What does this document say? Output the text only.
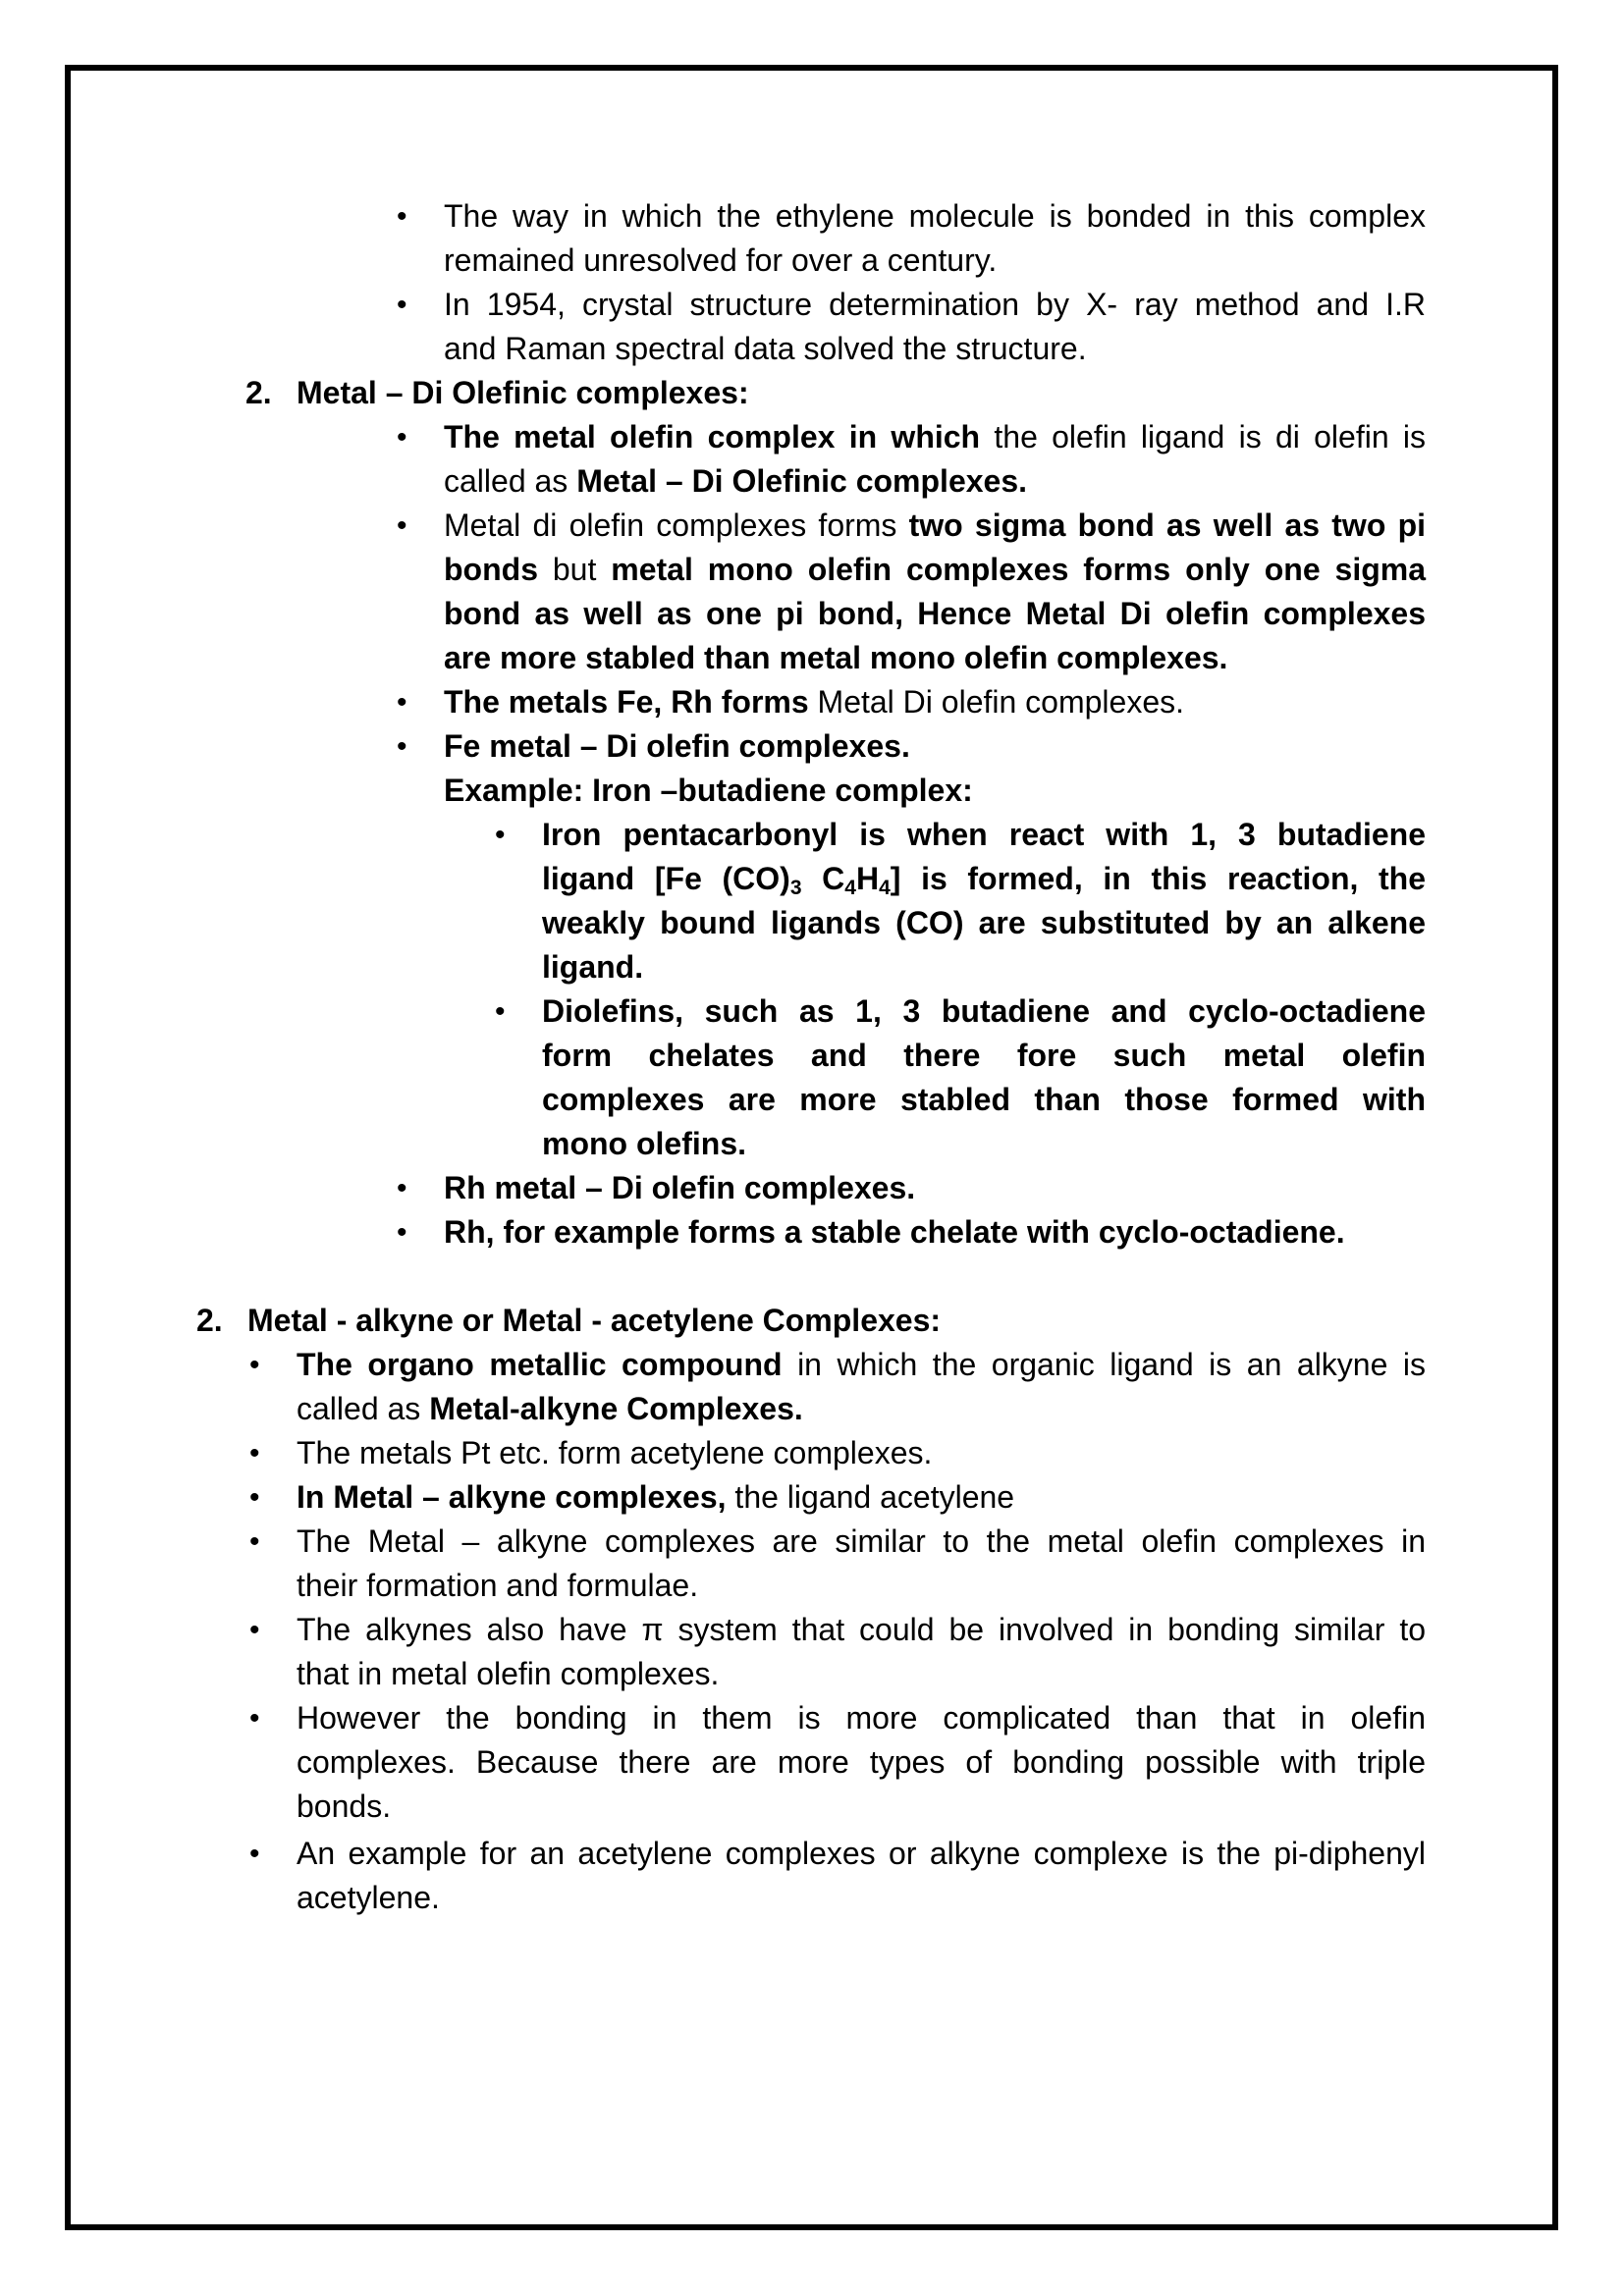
• The way in which the ethylene molecule is bonded in this complex
remained unresolved for over a century.
• In 1954, crystal structure determination by X- ray method and I.R
and Raman spectral data solved the structure.
2. Metal – Di Olefinic complexes:
• The metal olefin complex in which the olefin ligand is di olefin is
called as Metal – Di Olefinic complexes.
• Metal di olefin complexes forms two sigma bond as well as two pi
bonds but metal mono olefin complexes forms only one sigma
bond as well as one pi bond, Hence Metal Di olefin complexes
are more stabled than metal mono olefin complexes.
• The metals Fe, Rh forms Metal Di olefin complexes.
• Fe metal – Di olefin complexes.
Example: Iron –butadiene complex:
• Iron pentacarbonyl is when react with 1, 3 butadiene
ligand [Fe $(CO)_3$ $C_4H_4$] is formed, in this reaction, the
weakly bound ligands (CO) are substituted by an alkene
ligand.
• Diolefins, such as 1, 3 butadiene and cyclo-octadiene
form chelates and there fore such metal olefin
complexes are more stabled than those formed with
mono olefins.
• Rh metal – Di olefin complexes.
• Rh, for example forms a stable chelate with cyclo-octadiene.
2. Metal - alkyne or Metal - acetylene Complexes:
• The organo metallic compound in which the organic ligand is an alkyne is
called as Metal-alkyne Complexes.
• The metals Pt etc. form acetylene complexes.
• In Metal – alkyne complexes, the ligand acetylene
• The Metal – alkyne complexes are similar to the metal olefin complexes in
their formation and formulae.
• The alkynes also have π system that could be involved in bonding similar to
that in metal olefin complexes.
• However the bonding in them is more complicated than that in olefin
complexes. Because there are more types of bonding possible with triple
bonds.
• An example for an acetylene complexes or alkyne complexe is the pi-diphenyl
acetylene.
